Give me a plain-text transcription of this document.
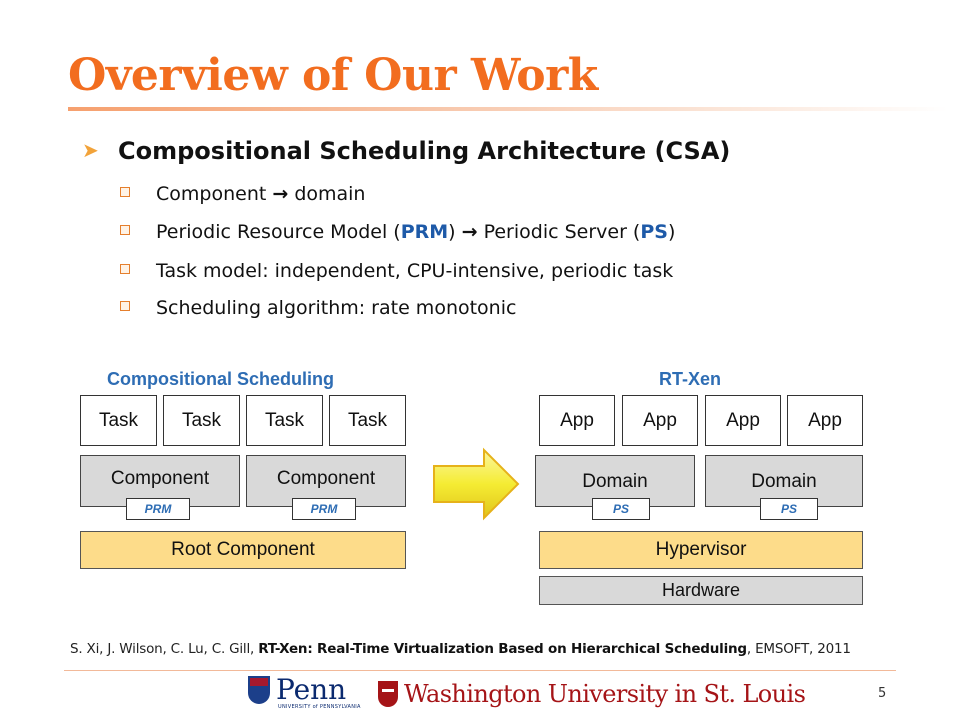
Overview of Our Work
➤ Compositional Scheduling Architecture (CSA)
Component → domain
Periodic Resource Model (PRM) → Periodic Server (PS)
Task model: independent, CPU-intensive, periodic task
Scheduling algorithm: rate monotonic
Compositional Scheduling
Task	Task	Task	Task
Component	Component
PRM	PRM
Root Component
RT-Xen
App	App	App	App
Domain	Domain
PS	PS
Hypervisor
Hardware
S. Xi, J. Wilson, C. Lu, C. Gill, RT-Xen: Real-Time Virtualization Based on Hierarchical Scheduling, EMSOFT, 2011
Penn
UNIVERSITY of PENNSYLVANIA Washington University in St. Louis	5
